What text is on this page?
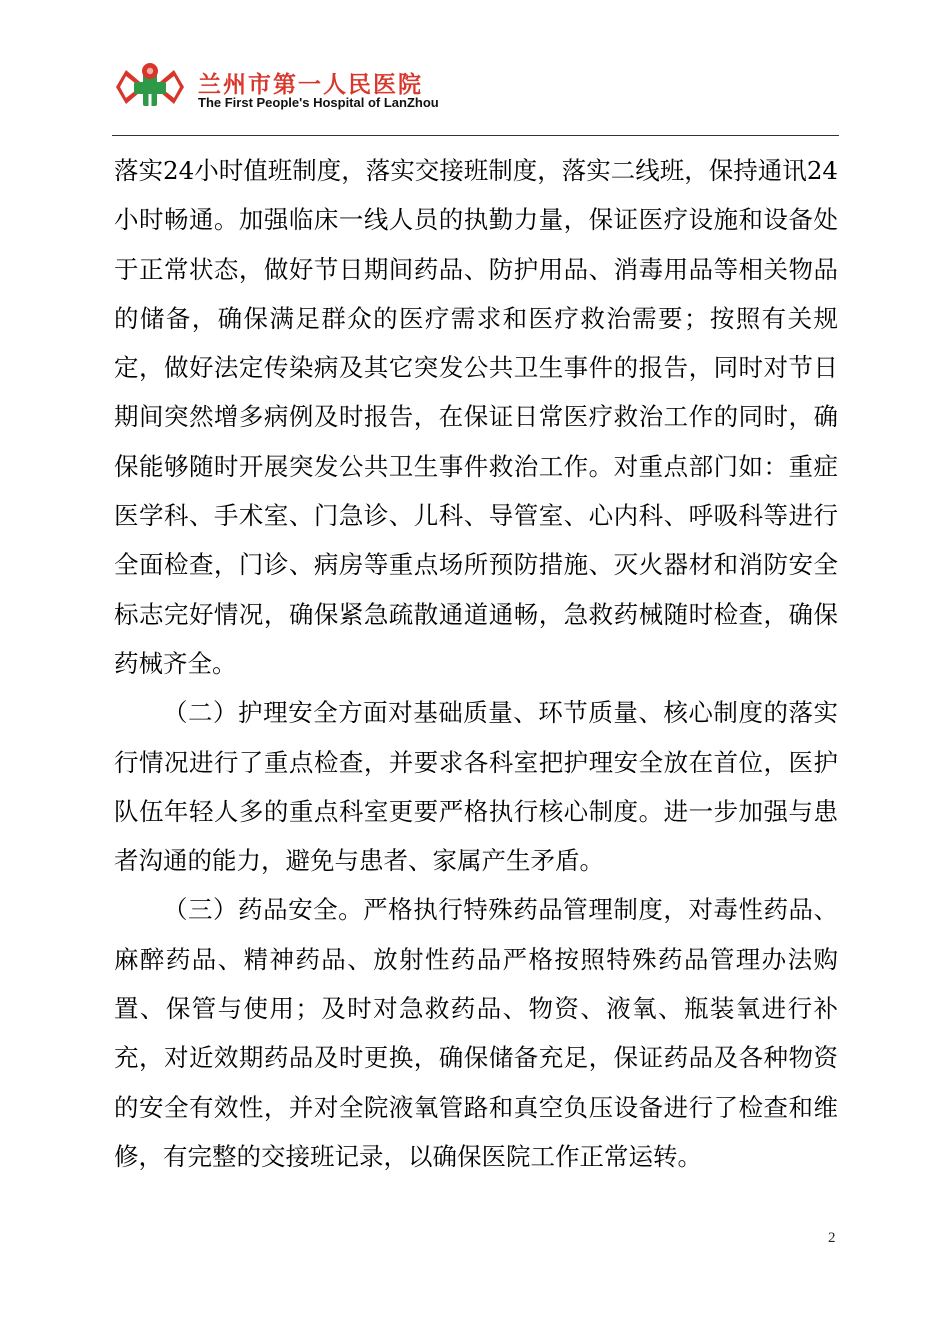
兰州市第一人民医院
The First People's Hospital of LanZhou

落实24小时值班制度，落实交接班制度，落实二线班，保持通讯24小时畅通。加强临床一线人员的执勤力量，保证医疗设施和设备处于正常状态，做好节日期间药品、防护用品、消毒用品等相关物品的储备，确保满足群众的医疗需求和医疗救治需要；按照有关规定，做好法定传染病及其它突发公共卫生事件的报告，同时对节日期间突然增多病例及时报告，在保证日常医疗救治工作的同时，确保能够随时开展突发公共卫生事件救治工作。对重点部门如：重症医学科、手术室、门急诊、儿科、导管室、心内科、呼吸科等进行全面检查，门诊、病房等重点场所预防措施、灭火器材和消防安全标志完好情况，确保紧急疏散通道通畅，急救药械随时检查，确保药械齐全。

（二）护理安全方面对基础质量、环节质量、核心制度的落实行情况进行了重点检查，并要求各科室把护理安全放在首位，医护队伍年轻人多的重点科室更要严格执行核心制度。进一步加强与患者沟通的能力，避免与患者、家属产生矛盾。

（三）药品安全。严格执行特殊药品管理制度，对毒性药品、麻醉药品、精神药品、放射性药品严格按照特殊药品管理办法购置、保管与使用；及时对急救药品、物资、液氧、瓶装氧进行补充，对近效期药品及时更换，确保储备充足，保证药品及各种物资的安全有效性，并对全院液氧管路和真空负压设备进行了检查和维修，有完整的交接班记录，以确保医院工作正常运转。

2
